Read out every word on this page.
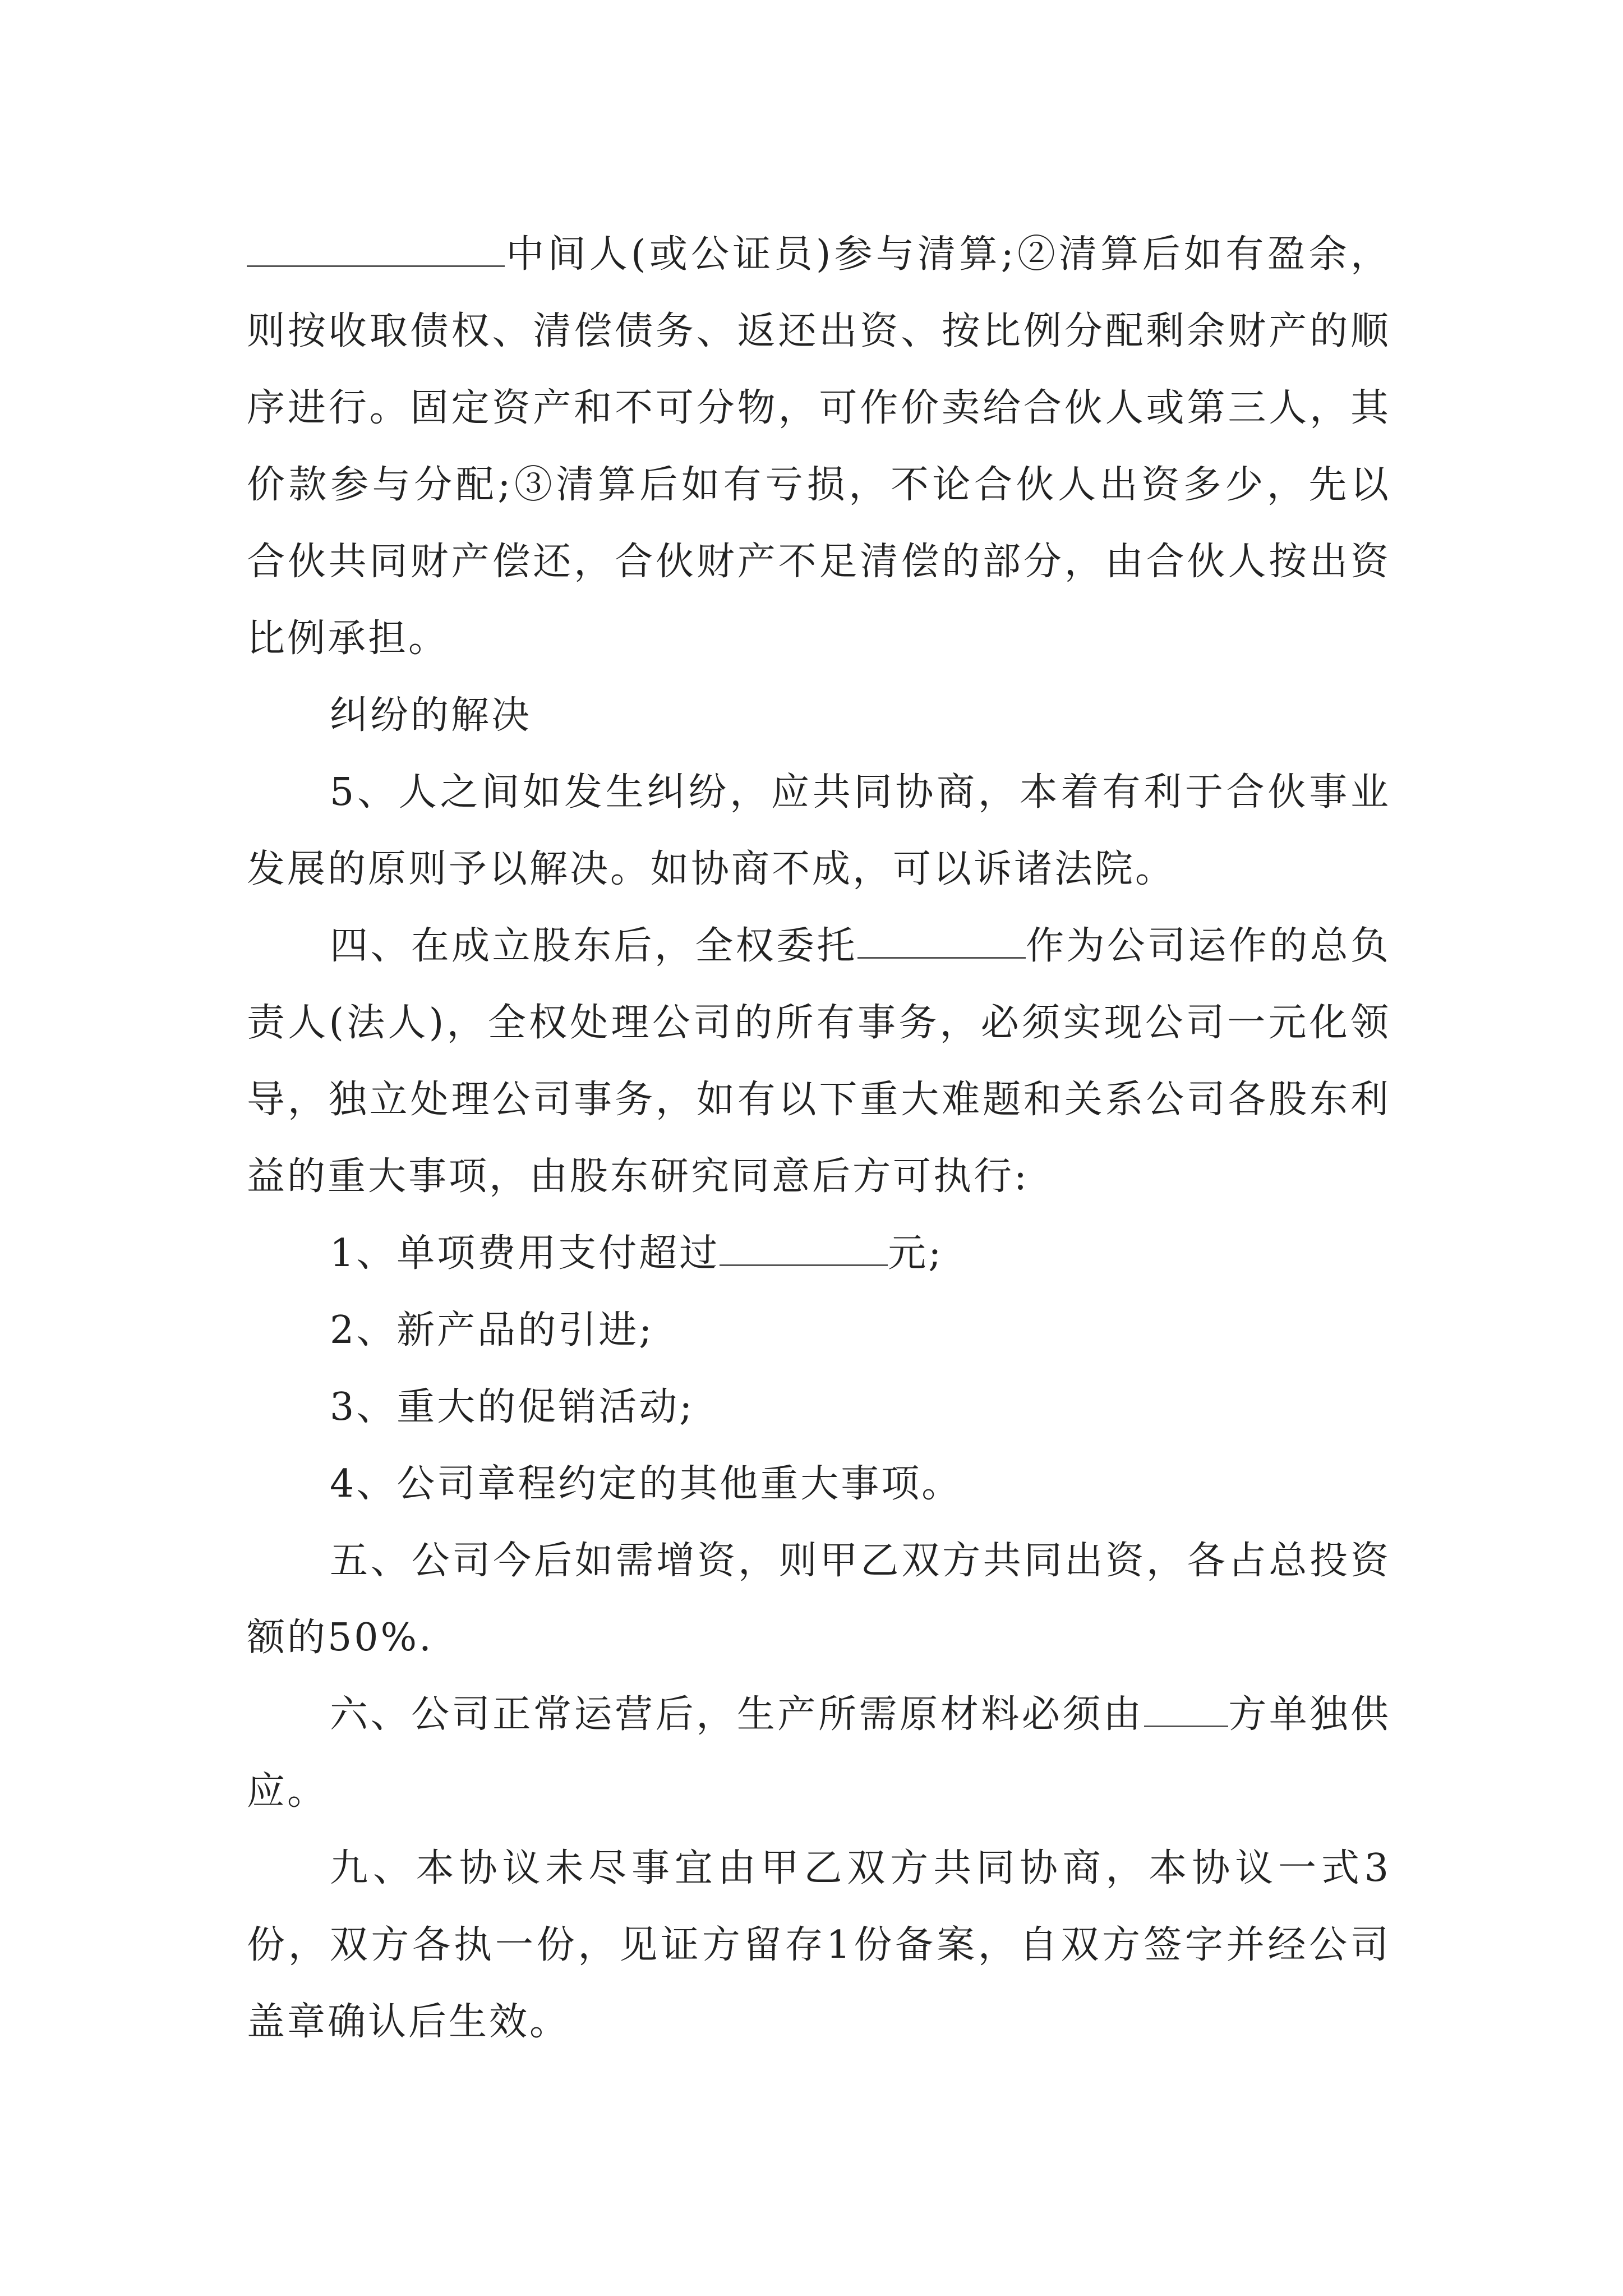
中间人(或公证员)参与清算;②清算后如有盈余，则按收取债权、清偿债务、返还出资、按比例分配剩余财产的顺序进行。固定资产和不可分物，可作价卖给合伙人或第三人，其价款参与分配;③清算后如有亏损，不论合伙人出资多少，先以合伙共同财产偿还，合伙财产不足清偿的部分，由合伙人按出资比例承担。

纠纷的解决

5、人之间如发生纠纷，应共同协商，本着有利于合伙事业发展的原则予以解决。如协商不成，可以诉诸法院。

四、在成立股东后，全权委托	作为公司运作的总负责人(法人)，全权处理公司的所有事务，必须实现公司一元化领导，独立处理公司事务，如有以下重大难题和关系公司各股东利益的重大事项，由股东研究同意后方可执行:

1、单项费用支付超过	元;

2、新产品的引进;

3、重大的促销活动;

4、公司章程约定的其他重大事项。

五、公司今后如需增资，则甲乙双方共同出资，各占总投资额的50%.

六、公司正常运营后，生产所需原材料必须由 方单独供应。

九、本协议未尽事宜由甲乙双方共同协商，本协议一式3份，双方各执一份，见证方留存1份备案，自双方签字并经公司盖章确认后生效。
